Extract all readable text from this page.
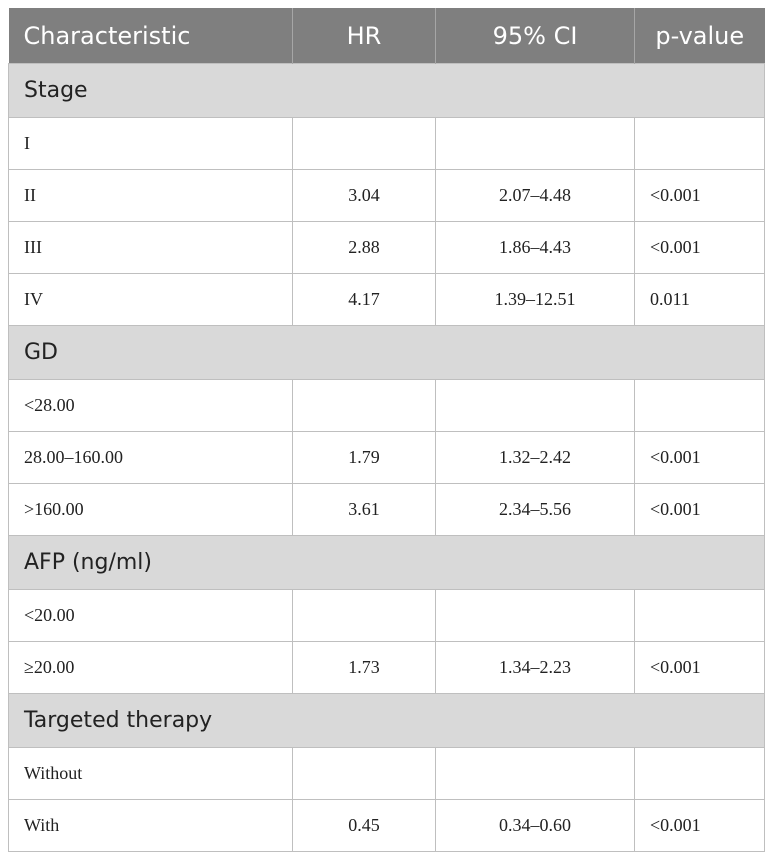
Characteristic	HR	95% CI	p-value
Stage			
I			
II	3.04	2.07–4.48	<0.001
III	2.88	1.86–4.43	<0.001
IV	4.17	1.39–12.51	0.011
GD			
<28.00			
28.00–160.00	1.79	1.32–2.42	<0.001
>160.00	3.61	2.34–5.56	<0.001
AFP (ng/ml)			
<20.00			
≥20.00	1.73	1.34–2.23	<0.001
Targeted therapy			
Without			
With	0.45	0.34–0.60	<0.001
